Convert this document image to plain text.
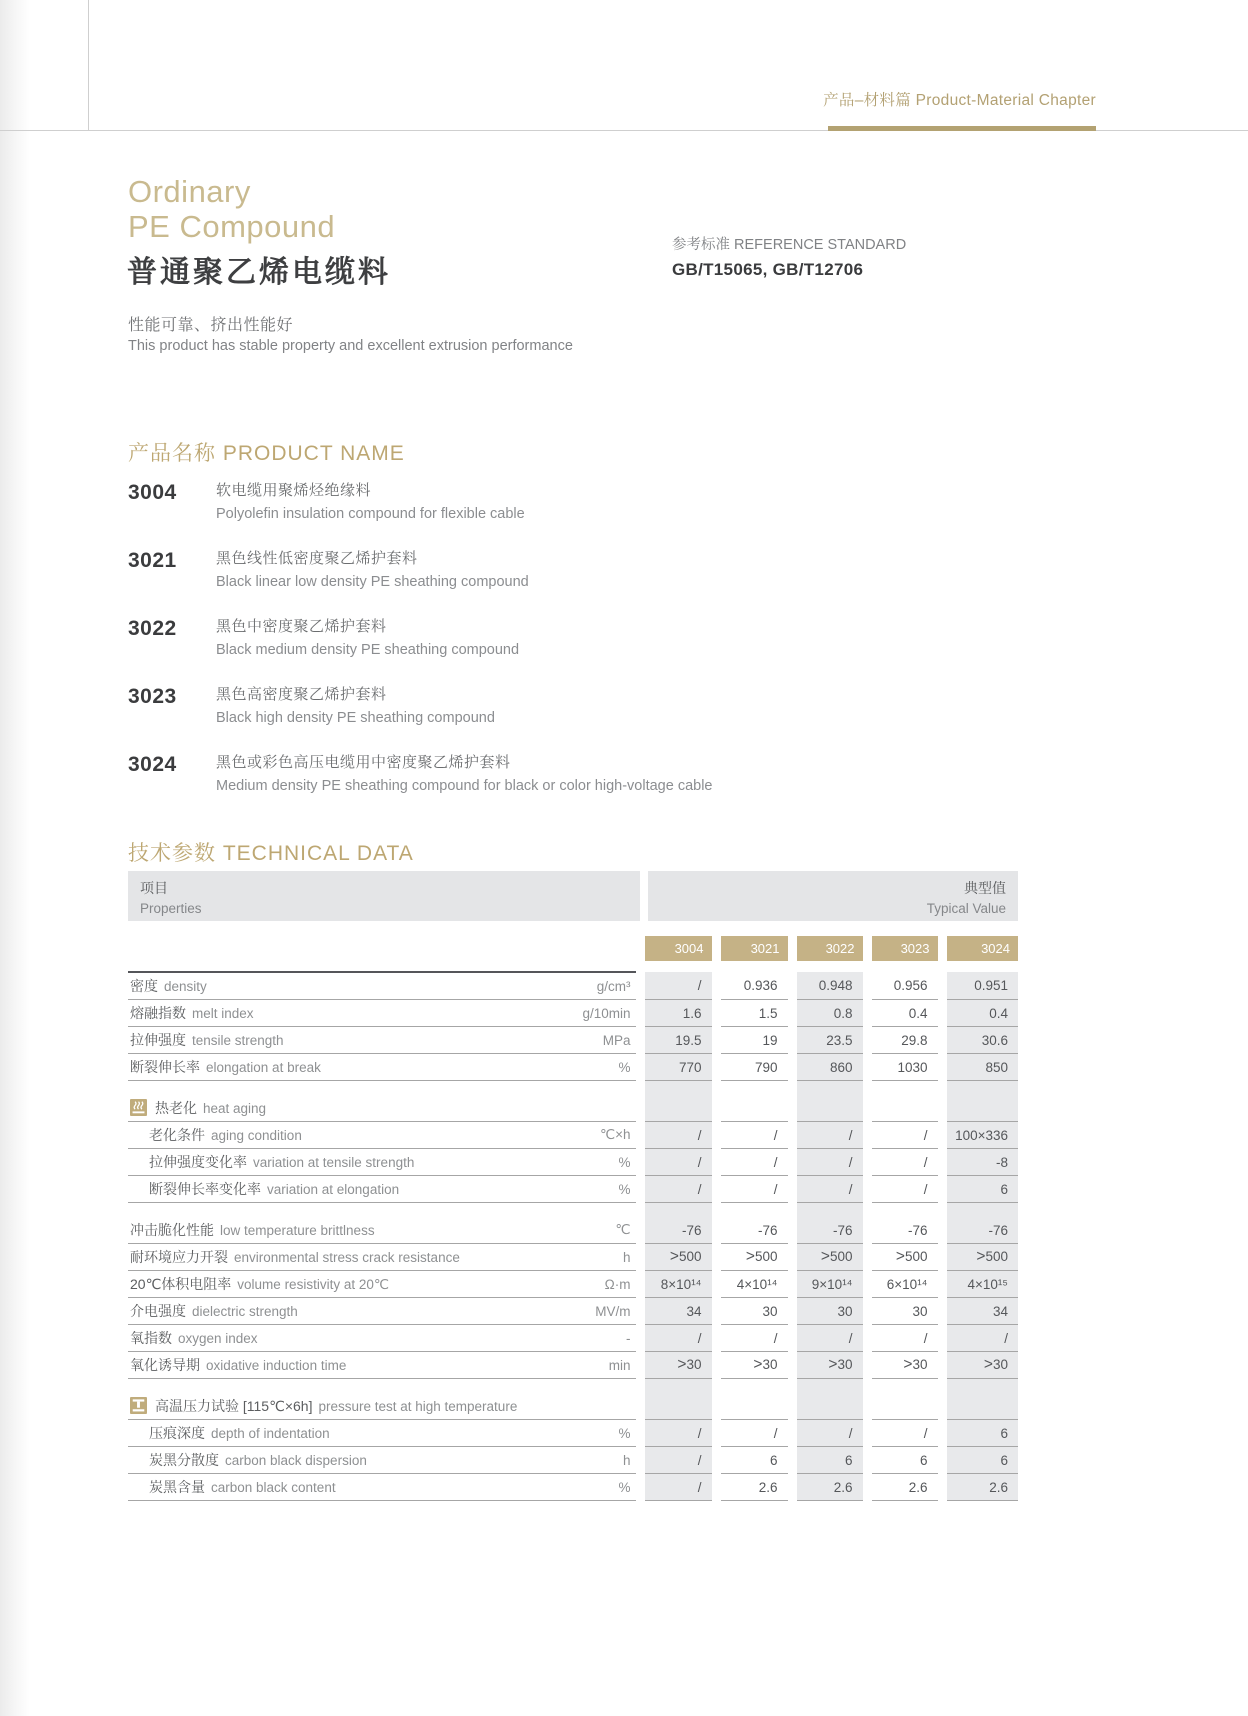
产品–材料篇 Product-Material Chapter
Ordinary
PE Compound
普通聚乙烯电缆料
参考标准 REFERENCE STANDARD
GB/T15065, GB/T12706
性能可靠、挤出性能好
This product has stable property and excellent extrusion performance
产品名称 PRODUCT NAME
3004	软电缆用聚烯烃绝缘料
Polyolefin insulation compound for flexible cable
3021	黑色线性低密度聚乙烯护套料
Black linear low density PE sheathing compound
3022	黑色中密度聚乙烯护套料
Black medium density PE sheathing compound
3023	黑色高密度聚乙烯护套料
Black high density PE sheathing compound
3024	黑色或彩色高压电缆用中密度聚乙烯护套料
Medium density PE sheathing compound for black or color high-voltage cable
技术参数 TECHNICAL DATA
项目
Properties
典型值
Typical Value
		3004	3021	3022	3023	3024

密度 density	g/cm³	/	0.936	0.948	0.956	0.951
熔融指数 melt index	g/10min	1.6	1.5	0.8	0.4	0.4
拉伸强度 tensile strength	MPa	19.5	19	23.5	29.8	30.6
断裂伸长率 elongation at break	%	770	790	860	1030	850

热老化 heat aging						
老化条件 aging condition	℃×h	/	/	/	/	100×336
拉伸强度变化率 variation at tensile strength	%	/	/	/	/	-8
断裂伸长率变化率 variation at elongation	%	/	/	/	/	6

冲击脆化性能 low temperature brittlness	℃	-76	-76	-76	-76	-76
耐环境应力开裂 environmental stress crack resistance	h	>500	>500	>500	>500	>500
20℃体积电阻率 volume resistivity at 20℃	Ω·m	8×10¹⁴	4×10¹⁴	9×10¹⁴	6×10¹⁴	4×10¹⁵
介电强度 dielectric strength	MV/m	34	30	30	30	34
氧指数 oxygen index	-	/	/	/	/	/
氧化诱导期 oxidative induction time	min	>30	>30	>30	>30	>30

高温压力试验 [115℃×6h] pressure test at high temperature						
压痕深度 depth of indentation	%	/	/	/	/	6
炭黑分散度 carbon black dispersion	h	/	6	6	6	6
炭黑含量 carbon black content	%	/	2.6	2.6	2.6	2.6
